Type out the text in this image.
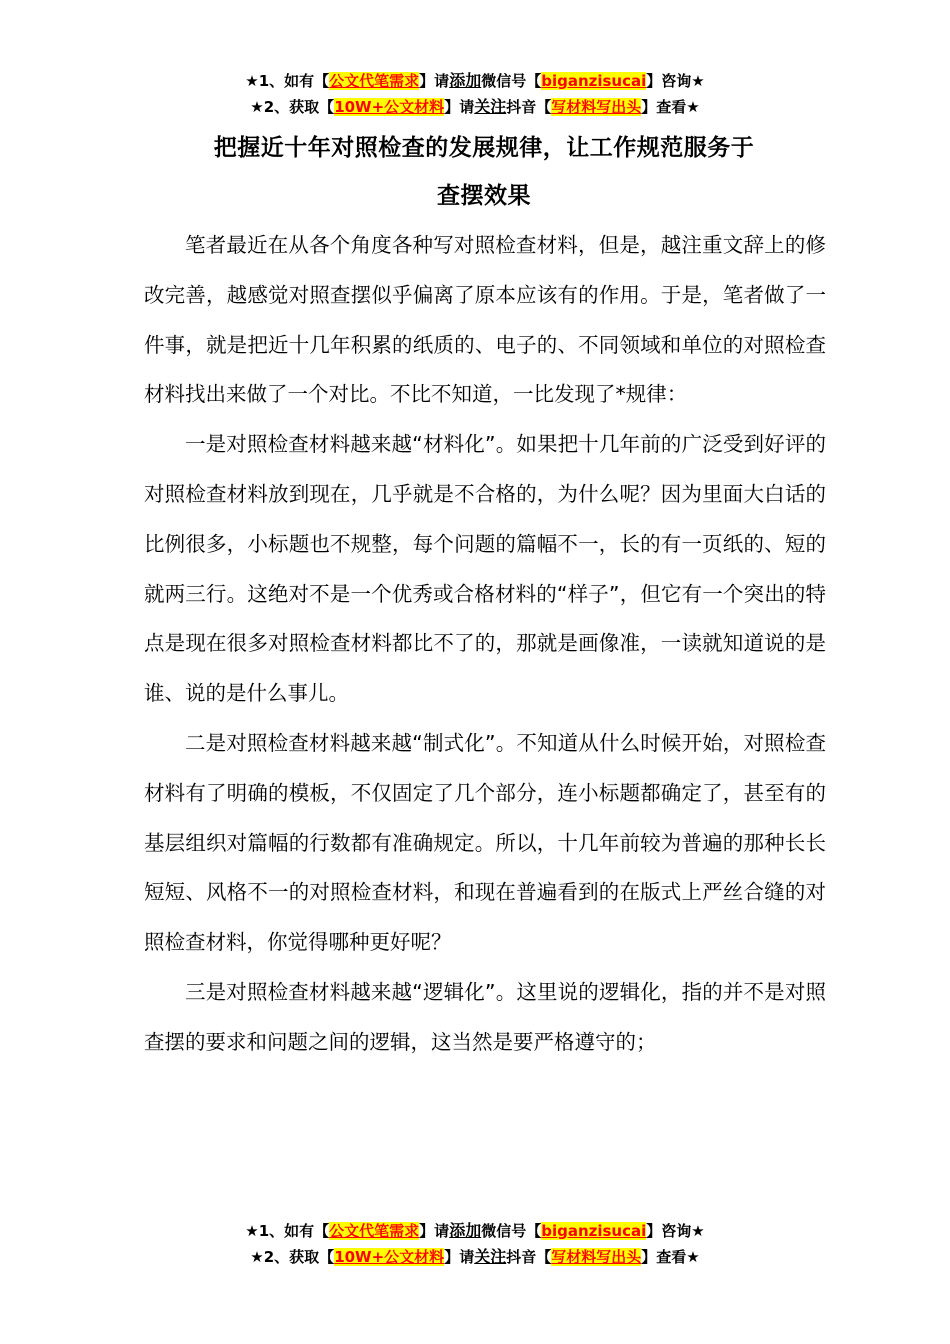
★1、如有【公文代笔需求】请添加微信号【biganzisucai】咨询★
★2、获取【10W+公文材料】请关注抖音【写材料写出头】查看★
把握近十年对照检查的发展规律，让工作规范服务于
查摆效果

笔者最近在从各个角度各种写对照检查材料，但是，越注重文辞上的修改完善，越感觉对照查摆似乎偏离了原本应该有的作用。于是，笔者做了一件事，就是把近十几年积累的纸质的、电子的、不同领域和单位的对照检查材料找出来做了一个对比。不比不知道，一比发现了*规律：

一是对照检查材料越来越“材料化”。如果把十几年前的广泛受到好评的对照检查材料放到现在，几乎就是不合格的，为什么呢？因为里面大白话的比例很多，小标题也不规整，每个问题的篇幅不一，长的有一页纸的、短的就两三行。这绝对不是一个优秀或合格材料的“样子”，但它有一个突出的特点是现在很多对照检查材料都比不了的，那就是画像准，一读就知道说的是谁、说的是什么事儿。

二是对照检查材料越来越“制式化”。不知道从什么时候开始，对照检查材料有了明确的模板，不仅固定了几个部分，连小标题都确定了，甚至有的基层组织对篇幅的行数都有准确规定。所以，十几年前较为普遍的那种长长短短、风格不一的对照检查材料，和现在普遍看到的在版式上严丝合缝的对照检查材料，你觉得哪种更好呢？

三是对照检查材料越来越“逻辑化”。这里说的逻辑化，指的并不是对照查摆的要求和问题之间的逻辑，这当然是要严格遵守的；

★1、如有【公文代笔需求】请添加微信号【biganzisucai】咨询★
★2、获取【10W+公文材料】请关注抖音【写材料写出头】查看★
